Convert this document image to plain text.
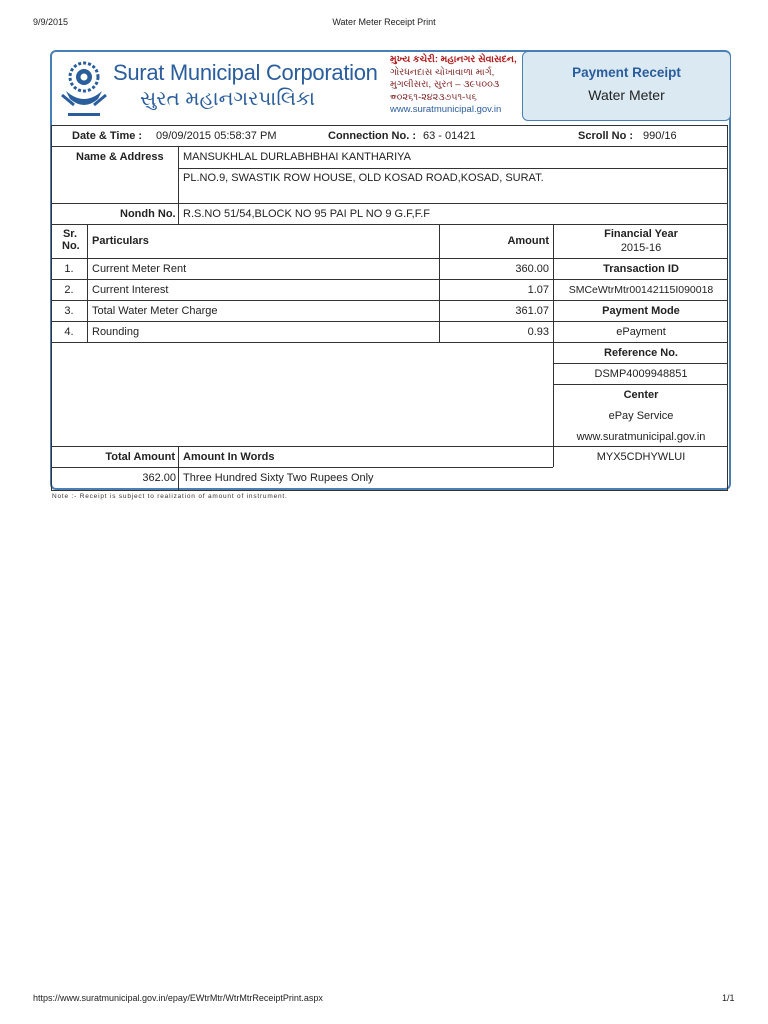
9/9/2015	Water Meter Receipt Print
Surat Municipal Corporation
સુરત મહાનગરપાલિકા
મુખ્ય કચેરી: મહાનગર સેવાસદન,
ગોરધનદાસ ચોખાવાળા માર્ગ,
મુગલીસરા, સુરત – ૩૯૫૦૦૩
☎૦૨૬૧-૨૪૨૩૭૫૧-૫૬
www.suratmunicipal.gov.in
Payment Receipt
Water Meter
Date & Time : 09/09/2015 05:58:37 PM	Connection No. : 63 - 01421	Scroll No : 990/16
Name & Address MANSUKHLAL DURLABHBHAI KANTHARIYA
PL.NO.9, SWASTIK ROW HOUSE, OLD KOSAD ROAD,KOSAD, SURAT.
Nondh No. R.S.NO 51/54,BLOCK NO 95 PAI PL NO 9 G.F,F.F
Sr.
No. Particulars	Amount
1.	Current Meter Rent	360.00
2.	Current Interest	1.07
3.	Total Water Meter Charge	361.07
4.	Rounding	0.93
Financial Year
2015-16
Transaction ID
SMCeWtrMtr00142115I090018
Payment Mode
ePayment
Reference No.
DSMP4009948851
Center
ePay Service
www.suratmunicipal.gov.in
MYX5CDHYWLUI
Total Amount Amount In Words
362.00 Three Hundred Sixty Two Rupees Only
Note :- Receipt is subject to realization of amount of instrument.
https://www.suratmunicipal.gov.in/epay/EWtrMtr/WtrMtrReceiptPrint.aspx	1/1
